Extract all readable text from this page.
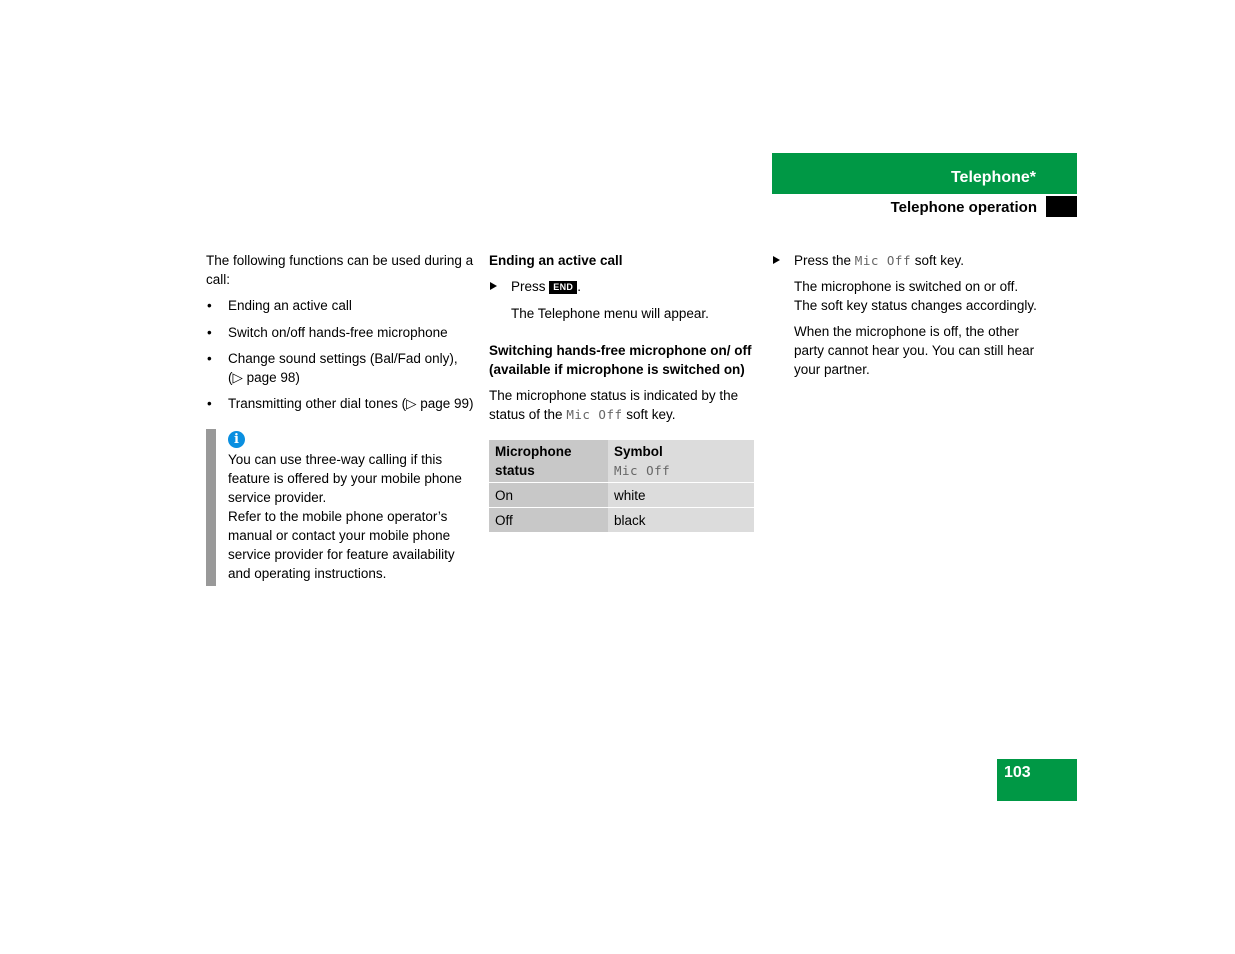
Telephone*
Telephone operation

The following functions can be used during a call:

• Ending an active call

• Switch on/off hands-free microphone

• Change sound settings (Bal/Fad only), (▷ page 98)

• Transmitting other dial tones (▷ page 99)

i

You can use three-way calling if this feature is offered by your mobile phone service provider.

Refer to the mobile phone operator’s manual or contact your mobile phone service provider for feature availability and operating instructions.

Ending an active call

Press END .

The Telephone menu will appear.

Switching hands-free microphone on/ off (available if microphone is switched on)

The microphone status is indicated by the status of the Mic Off soft key.

Microphone status	Symbol
Mic Off

On	white
Off	black

Press the Mic Off soft key.

The microphone is switched on or off. The soft key status changes accordingly.

When the microphone is off, the other party cannot hear you. You can still hear your partner.

103
